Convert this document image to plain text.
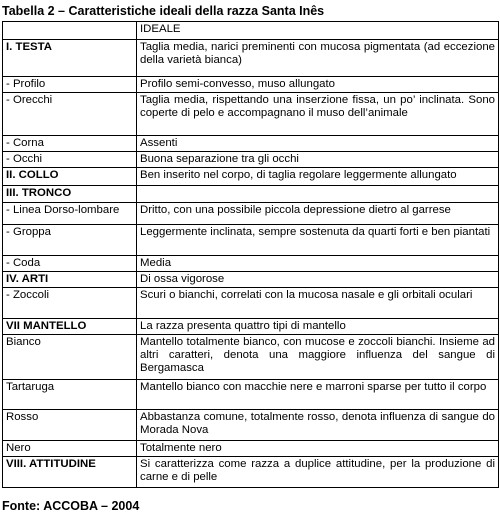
Tabella 2 – Caratteristiche ideali della razza Santa Inês
	IDEALE
I. TESTA	Taglia media, narici preminenti con mucosa pigmentata (ad eccezione della varietà bianca)
- Profilo	Profilo semi-convesso, muso allungato
- Orecchi	Taglia media, rispettando una inserzione fissa, un po’ inclinata. Sono coperte di pelo e accompagnano il muso dell’animale
- Corna	Assenti
- Occhi	Buona separazione tra gli occhi
II. COLLO	Ben inserito nel corpo, di taglia regolare leggermente allungato
III. TRONCO	
- Linea Dorso-lombare	Dritto, con una possibile piccola depressione dietro al garrese
- Groppa	Leggermente inclinata, sempre sostenuta da quarti forti e ben piantati
- Coda	Media
IV. ARTI	Di ossa vigorose
- Zoccoli	Scuri o bianchi, correlati con la mucosa nasale e gli orbitali oculari
VII MANTELLO	La razza presenta quattro tipi di mantello
Bianco	Mantello totalmente bianco, con mucose e zoccoli bianchi. Insieme ad altri caratteri, denota una maggiore influenza del sangue di Bergamasca
Tartaruga	Mantello bianco con macchie nere e marroni sparse per tutto il corpo
Rosso	Abbastanza comune, totalmente rosso, denota influenza di sangue do Morada Nova
Nero	Totalmente nero
VIII. ATTITUDINE	Si caratterizza come razza a duplice attitudine, per la produzione di carne e di pelle
Fonte: ACCOBA – 2004
